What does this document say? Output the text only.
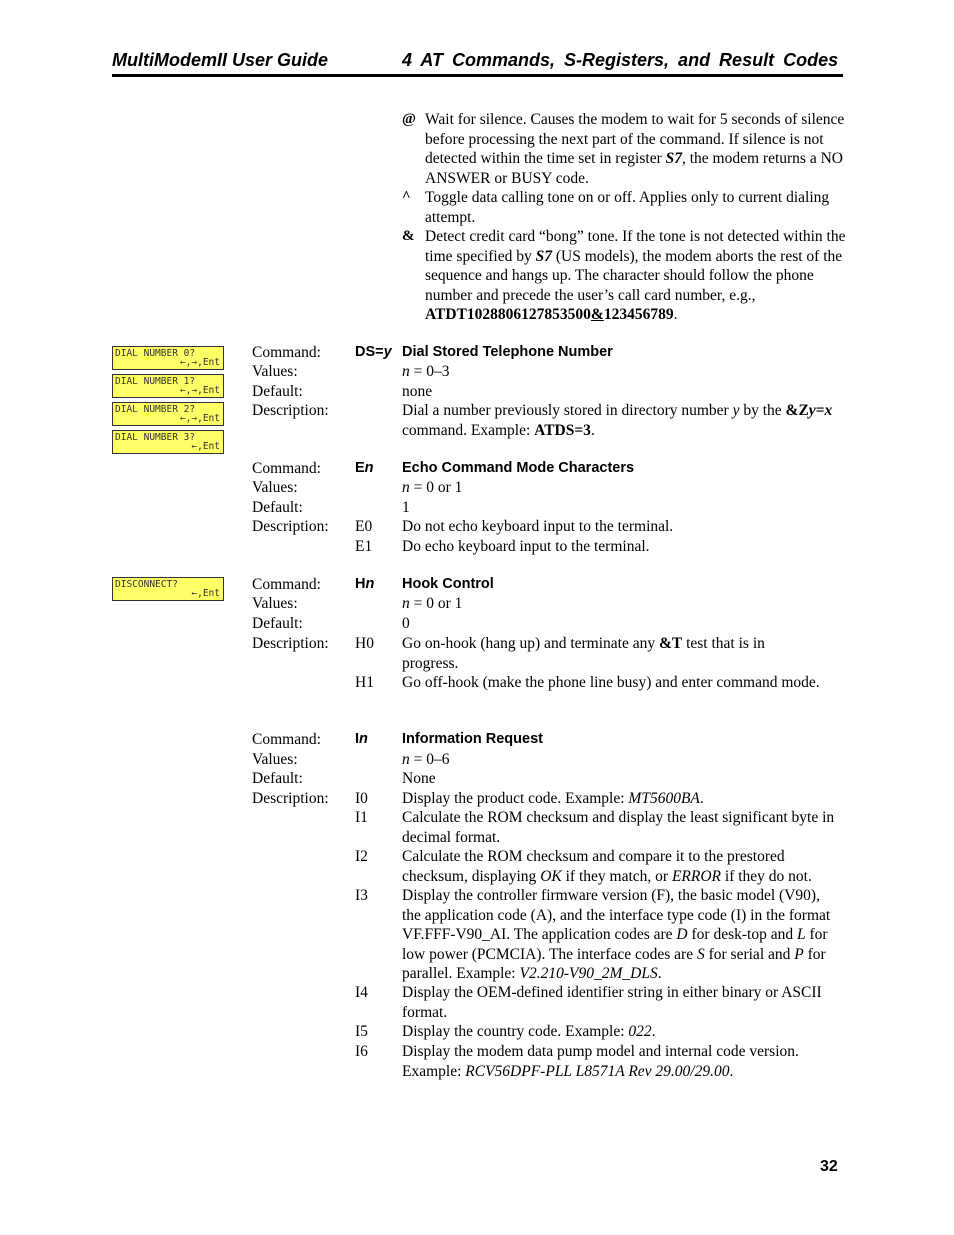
MultiModemII User Guide	4 AT Commands, S-Registers, and Result Codes
@ Wait for silence. Causes the modem to wait for 5 seconds of silence before processing the next part of the command. If silence is not detected within the time set in register S7, the modem returns a NO ANSWER or BUSY code.
^ Toggle data calling tone on or off. Applies only to current dialing attempt.
& Detect credit card “bong” tone. If the tone is not detected within the time specified by S7 (US models), the modem aborts the rest of the sequence and hangs up. The character should follow the phone number and precede the user’s call card number, e.g., ATDT1028806127853500&123456789.
DIAL NUMBER 0?
←,→,Ent
DIAL NUMBER 1?
←,→,Ent
DIAL NUMBER 2?
←,→,Ent
DIAL NUMBER 3?
←,Ent
Command:
Values:
Default:
Description:
DS=y Dial Stored Telephone Number
n = 0–3
none
Dial a number previously stored in directory number y by the &Zy=x command. Example: ATDS=3.
Command:
Values:
Default:
Description:
En Echo Command Mode Characters
n = 0 or 1
1
E0 Do not echo keyboard input to the terminal.
E1 Do echo keyboard input to the terminal.
DISCONNECT?
←,Ent
Command:
Values:
Default:
Description:
Hn Hook Control
n = 0 or 1
0
H0 Go on-hook (hang up) and terminate any &T test that is in progress.
H1 Go off-hook (make the phone line busy) and enter command mode.
Command:
Values:
Default:
Description:
In Information Request
n = 0–6
None
I0 Display the product code. Example: MT5600BA.
I1 Calculate the ROM checksum and display the least significant byte in decimal format.
I2 Calculate the ROM checksum and compare it to the prestored checksum, displaying OK if they match, or ERROR if they do not.
I3 Display the controller firmware version (F), the basic model (V90), the application code (A), and the interface type code (I) in the format VF.FFF-V90_AI. The application codes are D for desk-top and L for low power (PCMCIA). The interface codes are S for serial and P for parallel. Example: V2.210-V90_2M_DLS.
I4 Display the OEM-defined identifier string in either binary or ASCII format.
I5 Display the country code. Example: 022.
I6 Display the modem data pump model and internal code version. Example: RCV56DPF-PLL L8571A Rev 29.00/29.00.
32
